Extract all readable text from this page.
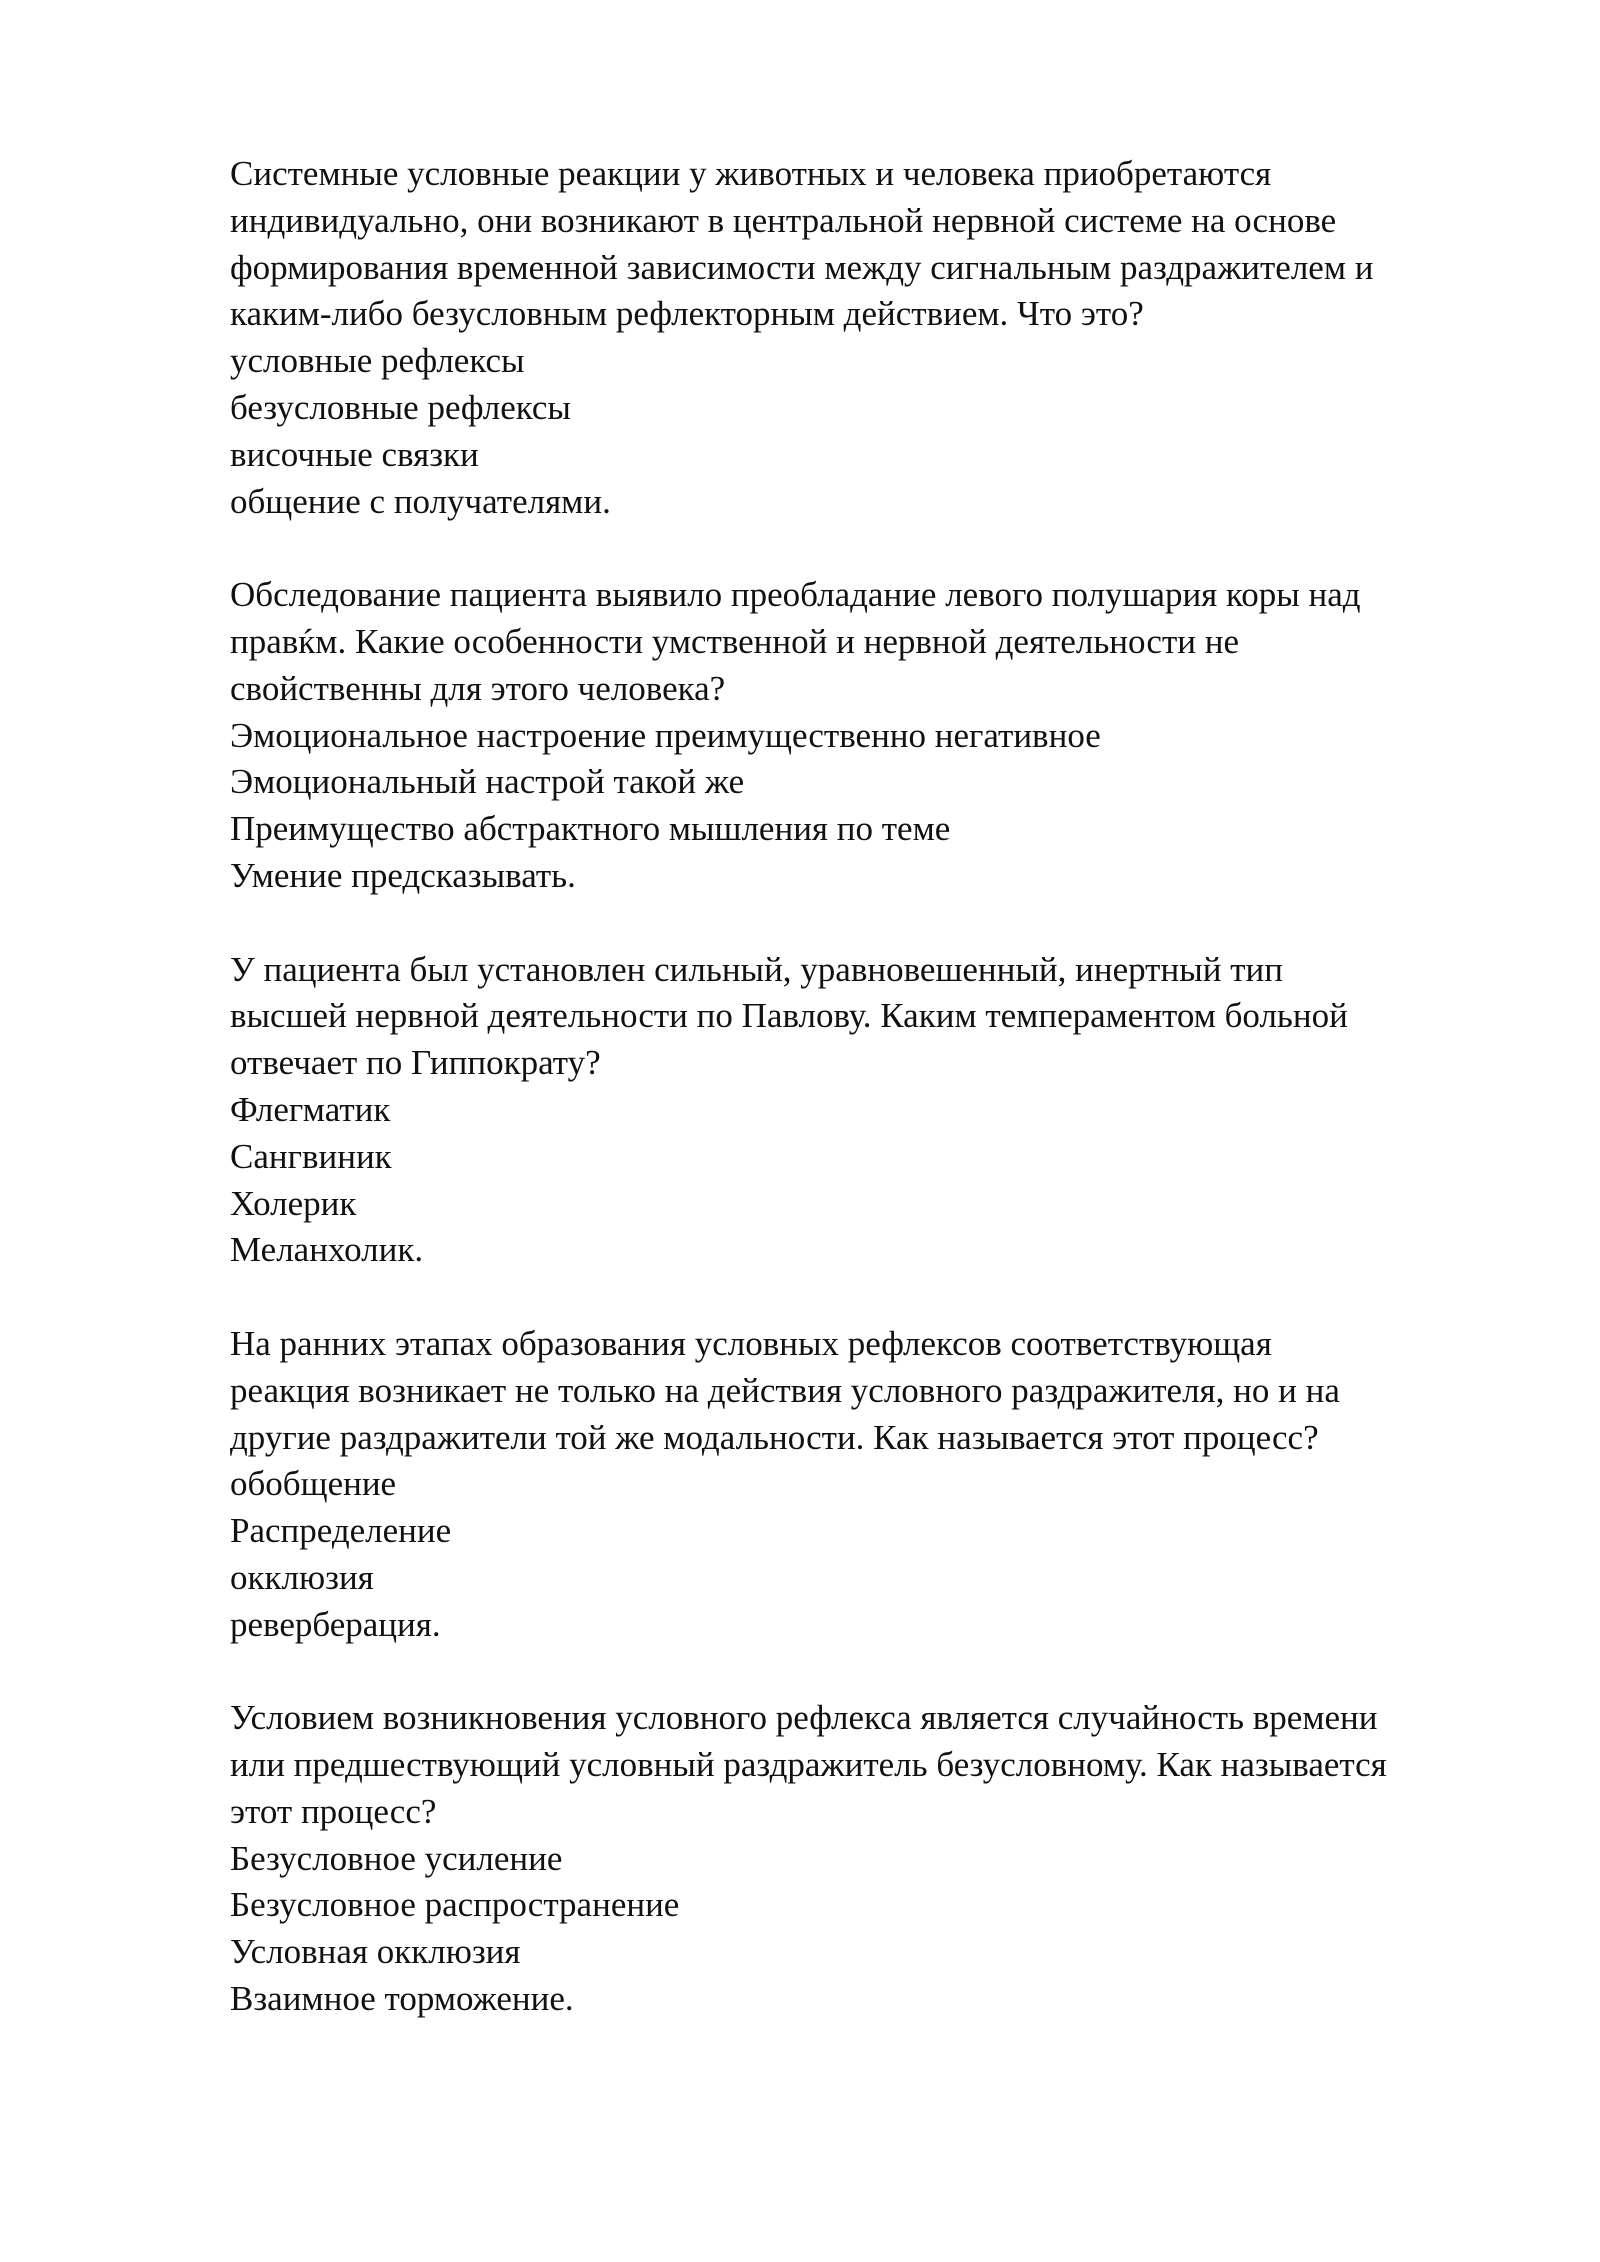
Системные условные реакции у животных и человека приобретаются
индивидуально, они возникают в центральной нервной системе на основе
формирования временной зависимости между сигнальным раздражителем и
каким-либо безусловным рефлекторным действием. Что это?

условные рефлексы
безусловные рефлексы
височные связки
общение с получателями.

Обследование пациента выявило преобладание левого полушария коры над
правќм. Какие особенности умственной и нервной деятельности не
свойственны для этого человека?

Эмоциональное настроение преимущественно негативное
Эмоциональный настрой такой же
Преимущество абстрактного мышления по теме
Умение предсказывать.

У пациента был установлен сильный, уравновешенный, инертный тип
высшей нервной деятельности по Павлову. Каким темпераментом больной
отвечает по Гиппократу?

Флегматик
Сангвиник
Холерик
Меланхолик.

На ранних этапах образования условных рефлексов соответствующая
реакция возникает не только на действия условного раздражителя, но и на
другие раздражители той же модальности. Как называется этот процесс?

обобщение
Распределение
окклюзия
реверберация.

Условием возникновения условного рефлекса является случайность времени
или предшествующий условный раздражитель безусловному. Как называется
этот процесс?

Безусловное усиление
Безусловное распространение
Условная окклюзия
Взаимное торможение.
